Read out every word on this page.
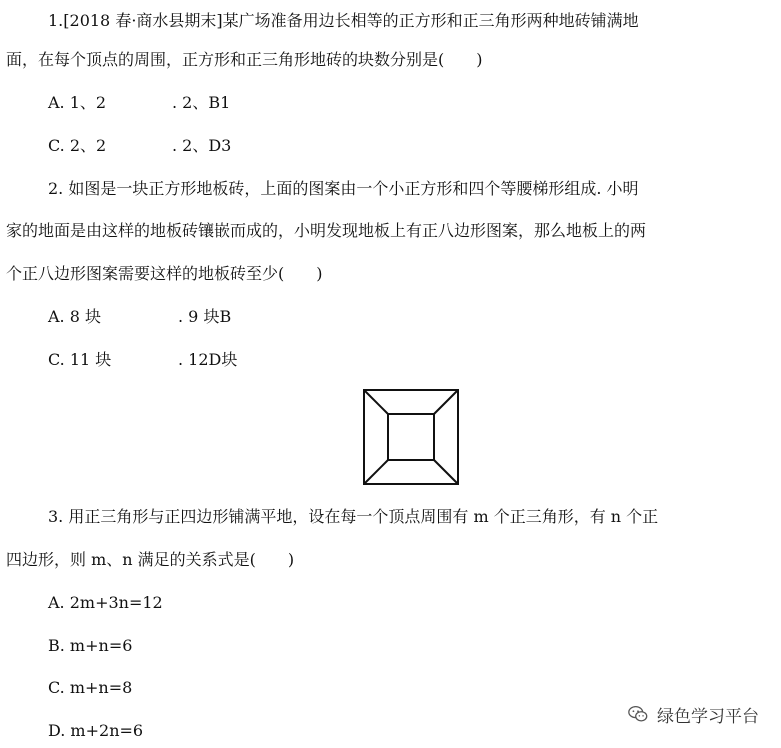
1.[2018 春·商水县期末]某广场准备用边长相等的正方形和正三角形两种地砖铺满地
面，在每个顶点的周围，正方形和正三角形地砖的块数分别是(　　)
A. 1、2	. 2、B1
C. 2、2	. 2、D3
2. 如图是一块正方形地板砖，上面的图案由一个小正方形和四个等腰梯形组成. 小明
家的地面是由这样的地板砖镶嵌而成的，小明发现地板上有正八边形图案，那么地板上的两
个正八边形图案需要这样的地板砖至少(　　)
A. 8 块	. 9 块B
C. 11 块	. 12D块
3. 用正三角形与正四边形铺满平地，设在每一个顶点周围有 m 个正三角形，有 n 个正
四边形，则 m、n 满足的关系式是(　　)
A. 2m+3n=12
B. m+n=6
C. m+n=8
D. m+2n=6
绿色学习平台
